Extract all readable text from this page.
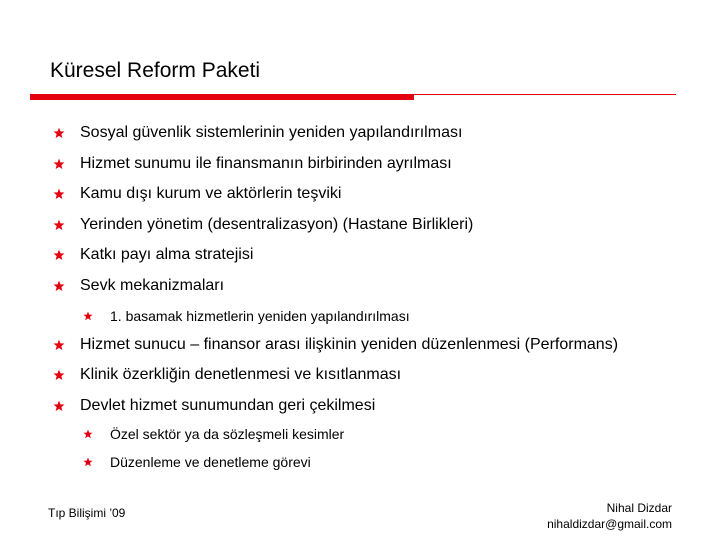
Küresel Reform Paketi
Sosyal güvenlik sistemlerinin yeniden yapılandırılması
Hizmet sunumu ile finansmanın birbirinden ayrılması
Kamu dışı kurum ve aktörlerin teşviki
Yerinden yönetim (desentralizasyon) (Hastane Birlikleri)
Katkı payı alma stratejisi
Sevk mekanizmaları
1. basamak hizmetlerin yeniden yapılandırılması
Hizmet sunucu – finansor arası ilişkinin yeniden düzenlenmesi (Performans)
Klinik özerkliğin denetlenmesi ve kısıtlanması
Devlet hizmet sunumundan geri çekilmesi
Özel sektör ya da sözleşmeli kesimler
Düzenleme ve denetleme görevi
Tıp Bilişimi ’09	Nihal Dizdar
nihaldizdar@gmail.com
